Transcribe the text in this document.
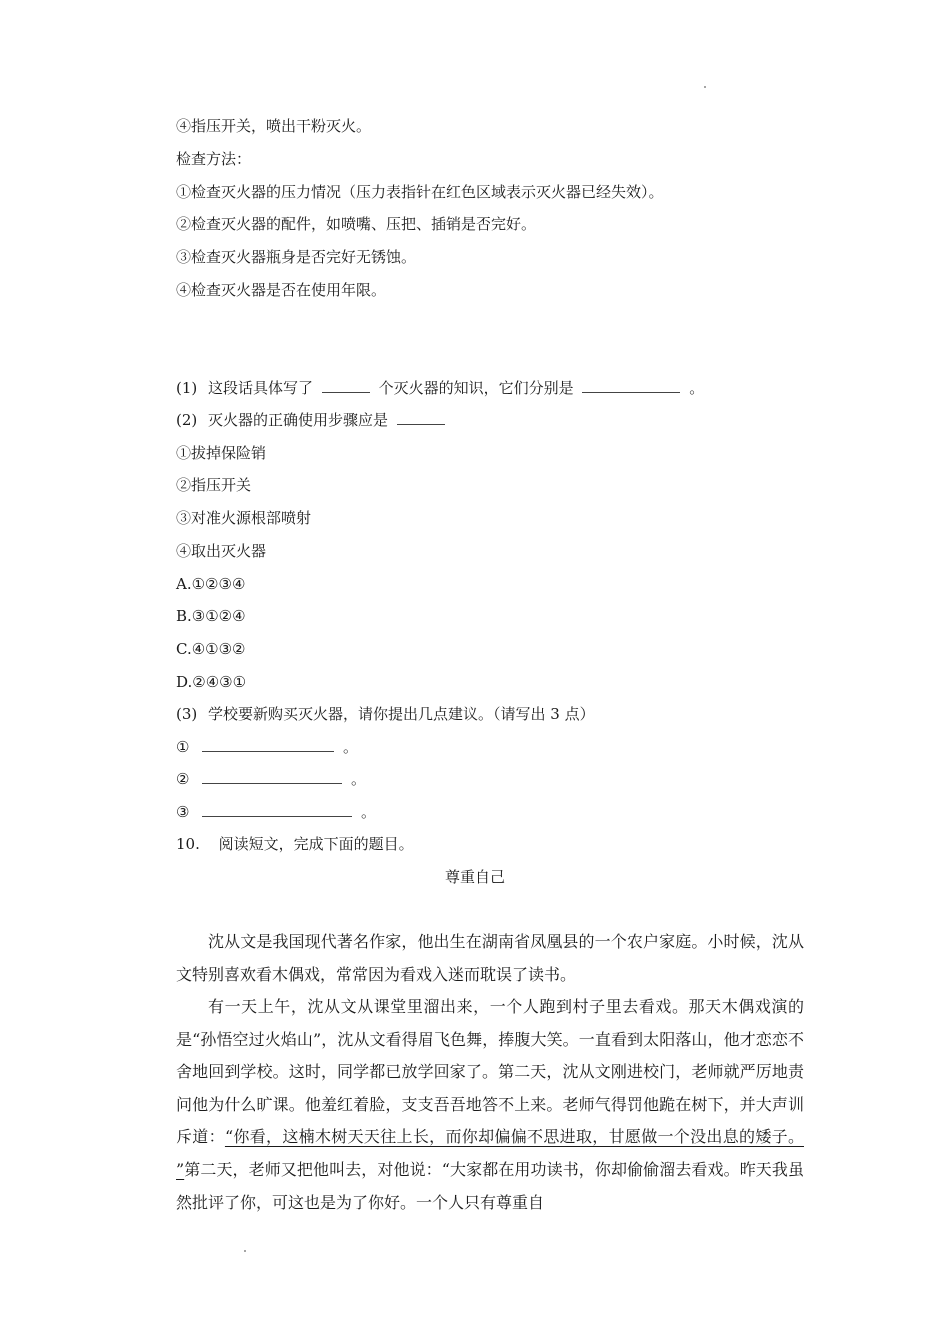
④指压开关，喷出干粉灭火。
检查方法：
①检查灭火器的压力情况（压力表指针在红色区域表示灭火器已经失效）。
②检查灭火器的配件，如喷嘴、压把、插销是否完好。
③检查灭火器瓶身是否完好无锈蚀。
④检查灭火器是否在使用年限。
(1) 这段话具体写了	个灭火器的知识，它们分别是	。
(2) 灭火器的正确使用步骤应是
①拔掉保险销
②指压开关
③对准火源根部喷射
④取出灭火器
A.①②③④
B.③①②④
C.④①③②
D.②④③①
(3) 学校要新购买灭火器，请你提出几点建议。（请写出 3 点）
①	。
②	。
③	。
10. 阅读短文，完成下面的题目。
尊重自己
沈从文是我国现代著名作家，他出生在湖南省凤凰县的一个农户家庭。小时候，沈从文特别喜欢看木偶戏，常常因为看戏入迷而耽误了读书。
有一天上午，沈从文从课堂里溜出来，一个人跑到村子里去看戏。那天木偶戏演的是“孙悟空过火焰山”，沈从文看得眉飞色舞，捧腹大笑。一直看到太阳落山，他才恋恋不舍地回到学校。这时，同学都已放学回家了。第二天，沈从文刚进校门，老师就严厉地责问他为什么旷课。他羞红着脸，支支吾吾地答不上来。老师气得罚他跪在树下，并大声训斥道：“你看，这楠木树天天往上长，而你却偏偏不思进取，甘愿做一个没出息的矮子。 ”第二天，老师又把他叫去，对他说：“大家都在用功读书，你却偷偷溜去看戏。昨天我虽然批评了你，可这也是为了你好。一个人只有尊重自
